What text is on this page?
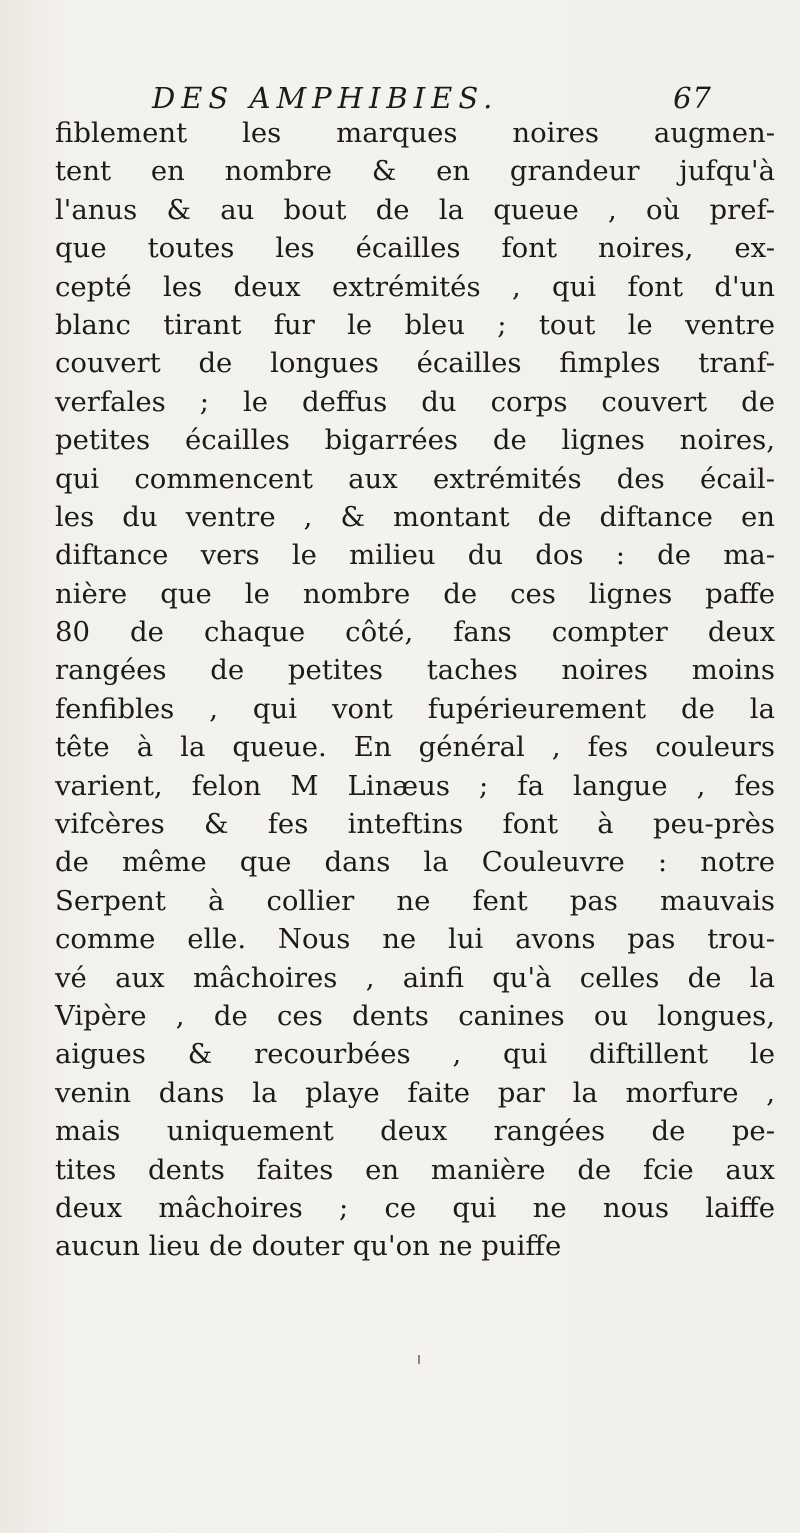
DES AMPHIBIES.	67
fiblement les marques noires augmen-
tent en nombre & en grandeur jufqu'à
l'anus & au bout de la queue , où pref-
que toutes les écailles font noires, ex-
cepté les deux extrémités , qui font d'un
blanc tirant fur le bleu ; tout le ventre
couvert de longues écailles fimples tranf-
verfales ; le deffus du corps couvert de
petites écailles bigarrées de lignes noires,
qui commencent aux extrémités des écail-
les du ventre , & montant de diftance en
diftance vers le milieu du dos : de ma-
nière que le nombre de ces lignes paffe
80 de chaque côté, fans compter deux
rangées de petites taches noires moins
fenfibles , qui vont fupérieurement de la
tête à la queue. En général , fes couleurs
varient, felon M Linæus ; fa langue , fes
vifcères & fes inteftins font à peu-près
de même que dans la Couleuvre : notre
Serpent à collier ne fent pas mauvais
comme elle. Nous ne lui avons pas trou-
vé aux mâchoires , ainfi qu'à celles de la
Vipère , de ces dents canines ou longues,
aigues & recourbées , qui diftillent le
venin dans la playe faite par la morfure ,
mais uniquement deux rangées de pe-
tites dents faites en manière de fcie aux
deux mâchoires ; ce qui ne nous laiffe
aucun lieu de douter qu'on ne puiffe
